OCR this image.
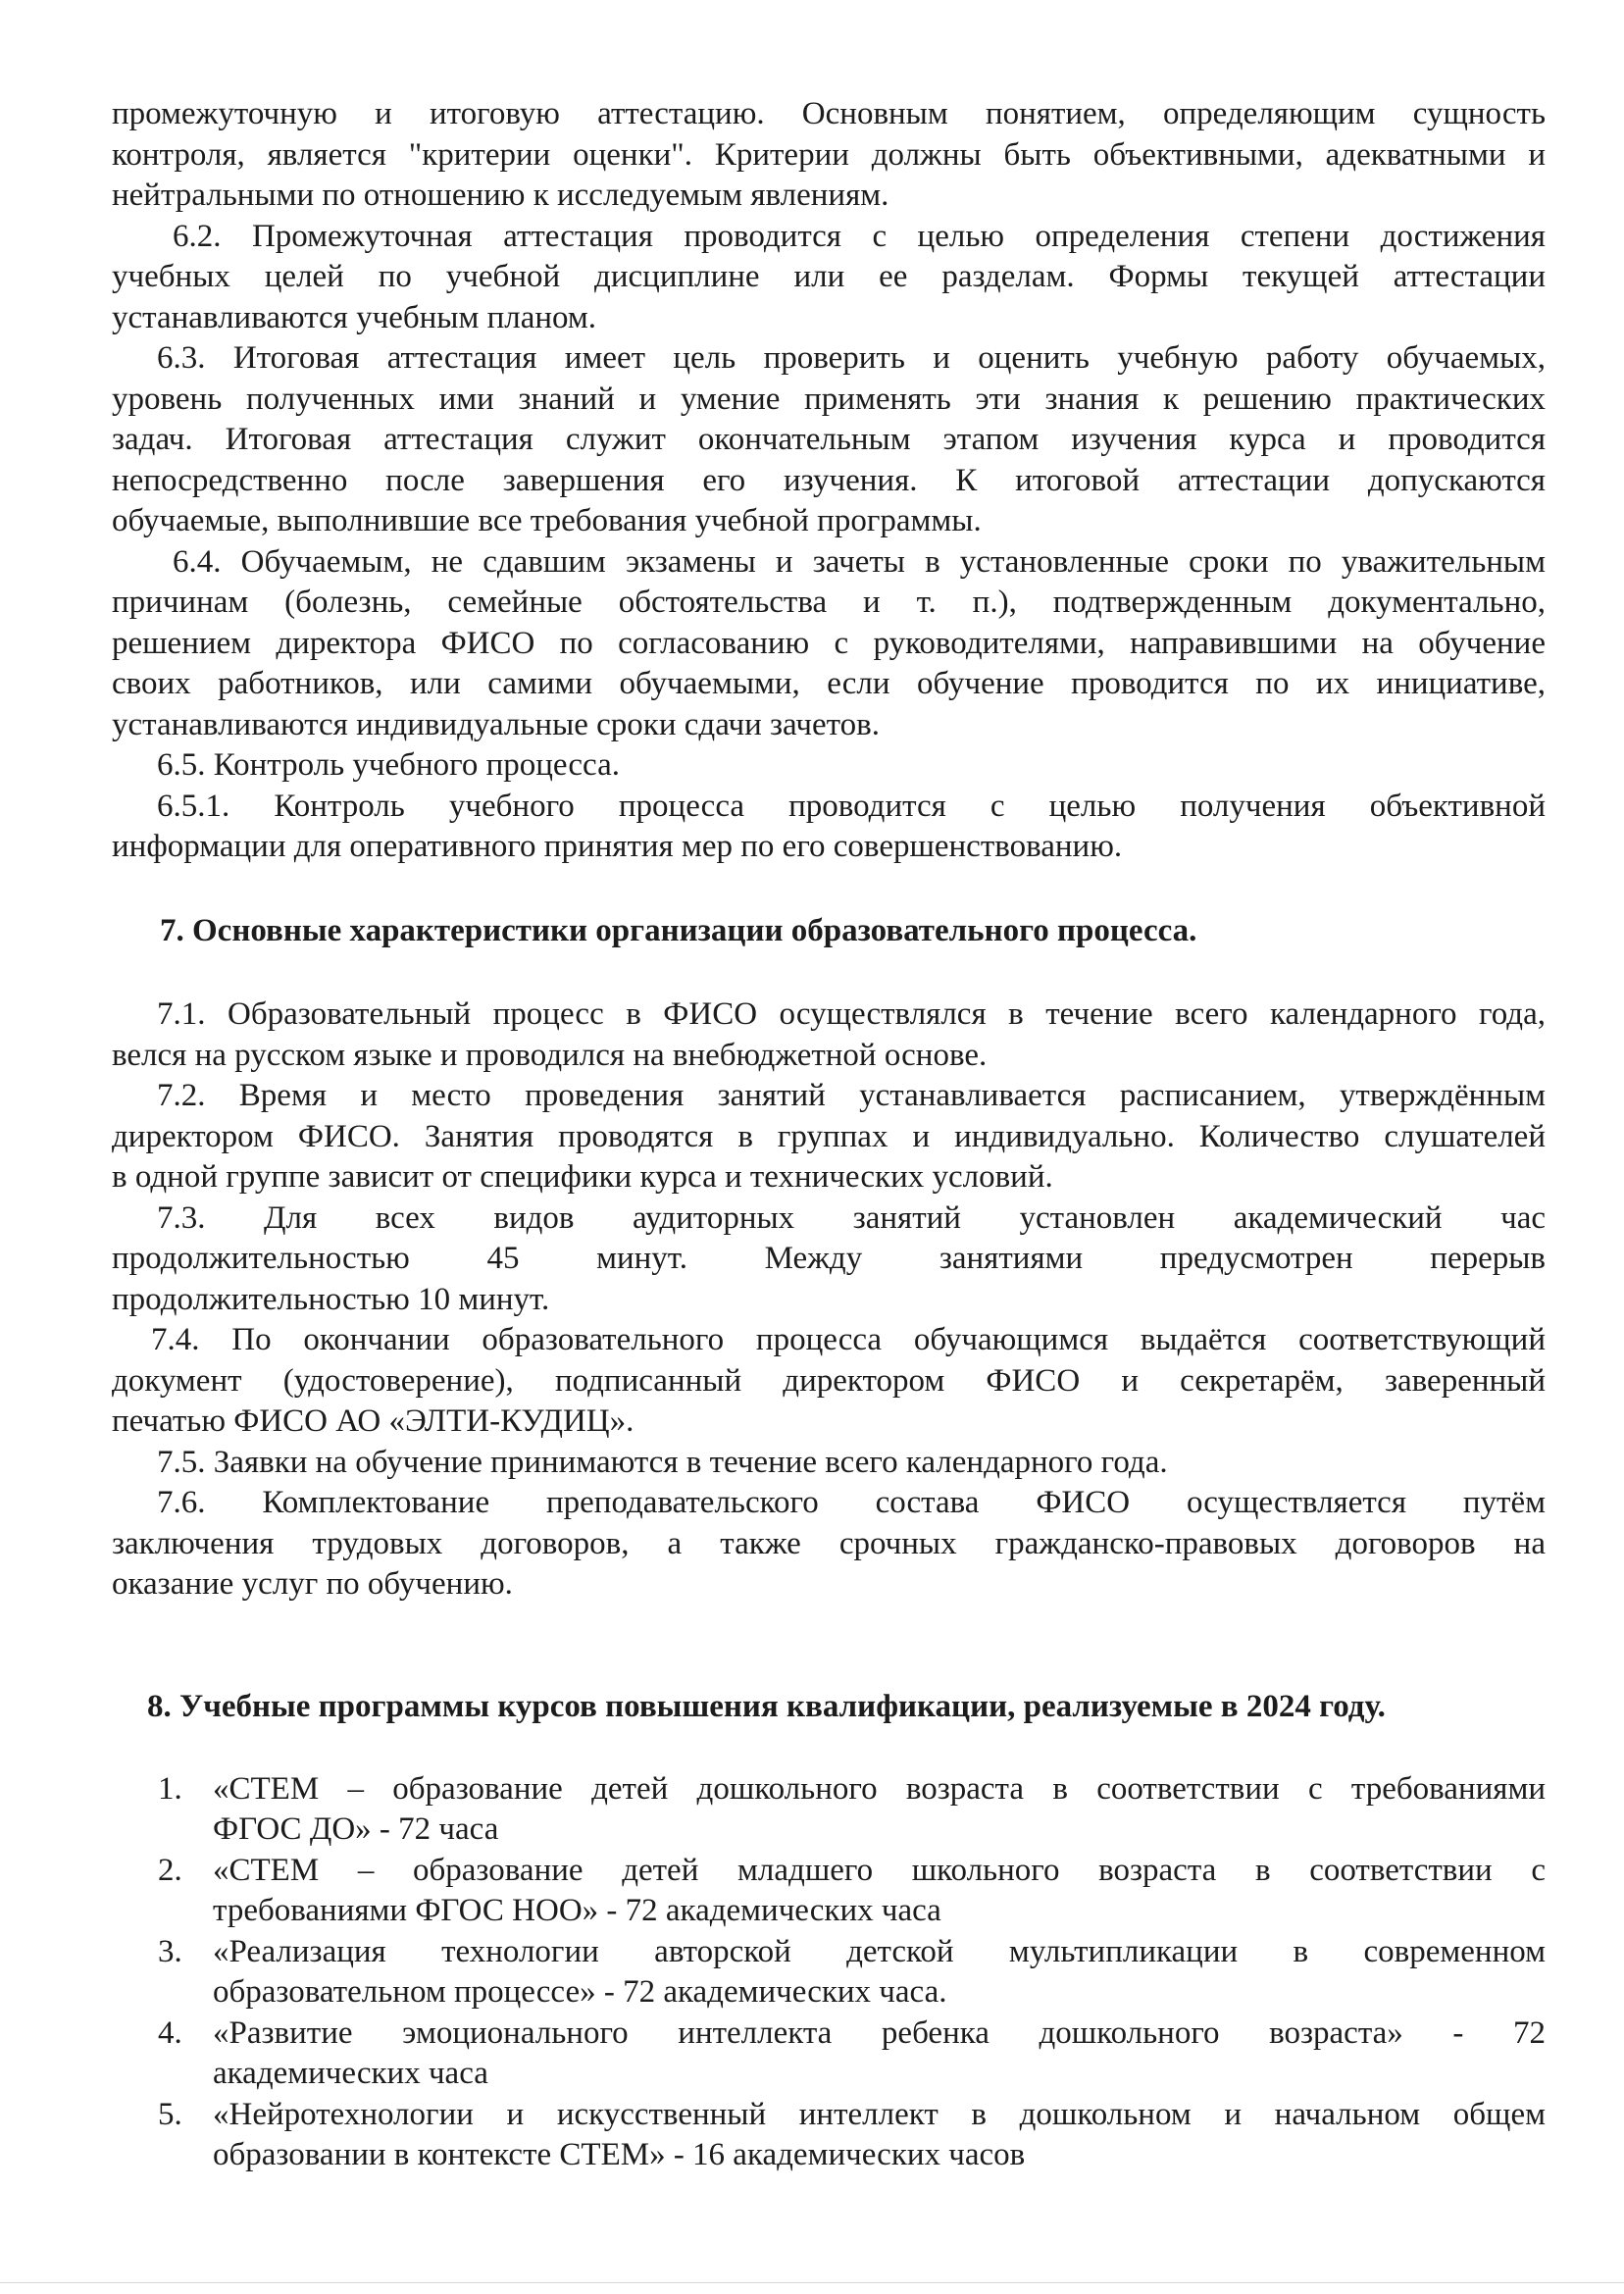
промежуточную и итоговую аттестацию. Основным понятием, определяющим сущность
контроля, является "критерии оценки". Критерии должны быть объективными, адекватными и
нейтральными по отношению к исследуемым явлениям.
6.2. Промежуточная аттестация проводится с целью определения степени достижения
учебных целей по учебной дисциплине или ее разделам. Формы текущей аттестации
устанавливаются учебным планом.
6.3. Итоговая аттестация имеет цель проверить и оценить учебную работу обучаемых,
уровень полученных ими знаний и умение применять эти знания к решению практических
задач. Итоговая аттестация служит окончательным этапом изучения курса и проводится
непосредственно после завершения его изучения. К итоговой аттестации допускаются
обучаемые, выполнившие все требования учебной программы.
6.4. Обучаемым, не сдавшим экзамены и зачеты в установленные сроки по уважительным
причинам (болезнь, семейные обстоятельства и т. п.), подтвержденным документально,
решением директора ФИСО по согласованию с руководителями, направившими на обучение
своих работников, или самими обучаемыми, если обучение проводится по их инициативе,
устанавливаются индивидуальные сроки сдачи зачетов.
6.5. Контроль учебного процесса.
6.5.1. Контроль учебного процесса проводится с целью получения объективной
информации для оперативного принятия мер по его совершенствованию.
7. Основные характеристики организации образовательного процесса.
7.1. Образовательный процесс в ФИСО осуществлялся в течение всего календарного года,
велся на русском языке и проводился на внебюджетной основе.
7.2. Время и место проведения занятий устанавливается расписанием, утверждённым
директором ФИСО. Занятия проводятся в группах и индивидуально. Количество слушателей
в одной группе зависит от специфики курса и технических условий.
7.3. Для всех видов аудиторных занятий установлен академический час
продолжительностью 45 минут. Между занятиями предусмотрен перерыв
продолжительностью 10 минут.
7.4. По окончании образовательного процесса обучающимся выдаётся соответствующий
документ (удостоверение), подписанный директором ФИСО и секретарём, заверенный
печатью ФИСО АО «ЭЛТИ-КУДИЦ».
7.5. Заявки на обучение принимаются в течение всего календарного года.
7.6. Комплектование преподавательского состава ФИСО осуществляется путём
заключения трудовых договоров, а также срочных гражданско-правовых договоров на
оказание услуг по обучению.
8. Учебные программы курсов повышения квалификации, реализуемые в 2024 году.
1. «СТЕМ – образование детей дошкольного возраста в соответствии с требованиями
ФГОС ДО» - 72 часа
2. «СТЕМ – образование детей младшего школьного возраста в соответствии с
требованиями ФГОС НОО» - 72 академических часа
3. «Реализация технологии авторской детской мультипликации в современном
образовательном процессе» - 72 академических часа.
4. «Развитие эмоционального интеллекта ребенка дошкольного возраста» - 72
академических часа
5. «Нейротехнологии и искусственный интеллект в дошкольном и начальном общем
образовании в контексте СТЕМ» - 16 академических часов
